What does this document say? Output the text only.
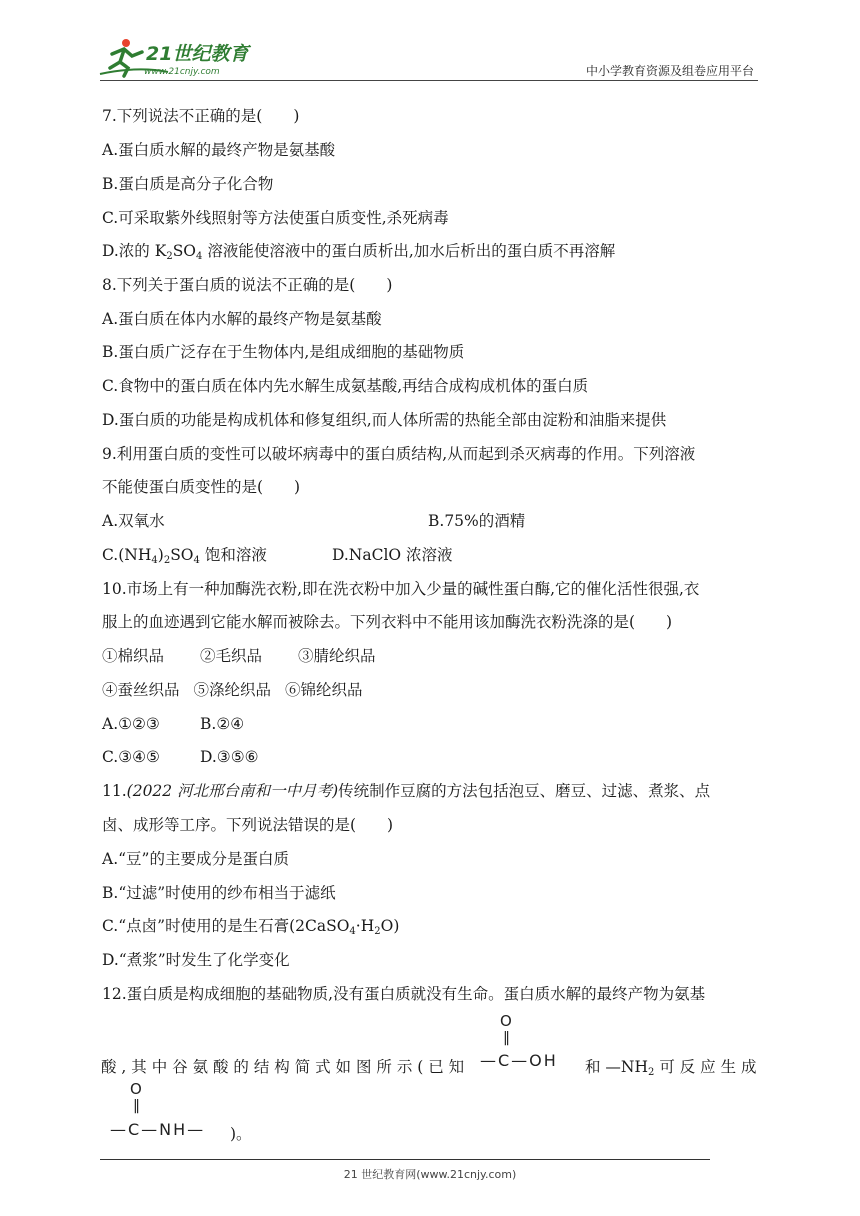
21世纪教育
www.21cnjy.com	中小学教育资源及组卷应用平台
7.下列说法不正确的是(　　)
A.蛋白质水解的最终产物是氨基酸
B.蛋白质是高分子化合物
C.可采取紫外线照射等方法使蛋白质变性,杀死病毒
D.浓的 $K_2SO_4$ 溶液能使溶液中的蛋白质析出,加水后析出的蛋白质不再溶解
8.下列关于蛋白质的说法不正确的是(　　)
A.蛋白质在体内水解的最终产物是氨基酸
B.蛋白质广泛存在于生物体内,是组成细胞的基础物质
C.食物中的蛋白质在体内先水解生成氨基酸,再结合成构成机体的蛋白质
D.蛋白质的功能是构成机体和修复组织,而人体所需的热能全部由淀粉和油脂来提供
9.利用蛋白质的变性可以破坏病毒中的蛋白质结构,从而起到杀灭病毒的作用。下列溶液
不能使蛋白质变性的是(　　)
A.双氧水	B.75%的酒精
$C.(NH_4)_2SO_4$ 饱和溶液	D.NaClO 浓溶液
10.市场上有一种加酶洗衣粉,即在洗衣粉中加入少量的碱性蛋白酶,它的催化活性很强,衣
服上的血迹遇到它能水解而被除去。下列衣料中不能用该加酶洗衣粉洗涤的是(　　)
①棉织品 ②毛织品 ③腈纶织品
④蚕丝织品 ⑤涤纶织品 ⑥锦纶织品
A.①②③	B.②④
C.③④⑤	D.③⑤⑥
11.(2022 河北邢台南和一中月考)传统制作豆腐的方法包括泡豆、磨豆、过滤、煮浆、点
卤、成形等工序。下列说法错误的是(　　)
A.“豆”的主要成分是蛋白质
B.“过滤”时使用的纱布相当于滤纸
C.“点卤”时使用的是生石膏$(2CaSO_4\cdot H_2O)$
D.“煮浆”时发生了化学变化
12.蛋白质是构成细胞的基础物质,没有蛋白质就没有生命。蛋白质水解的最终产物为氨基
酸 , 其 中 谷 氨 酸 的 结 构 简 式 如 图 所 示 ( 已 知
O
‖
—C—OH 和 $—NH_2$ 可 反 应 生 成
O
‖
—C—NH— )。
21 世纪教育网(www.21cnjy.com)
